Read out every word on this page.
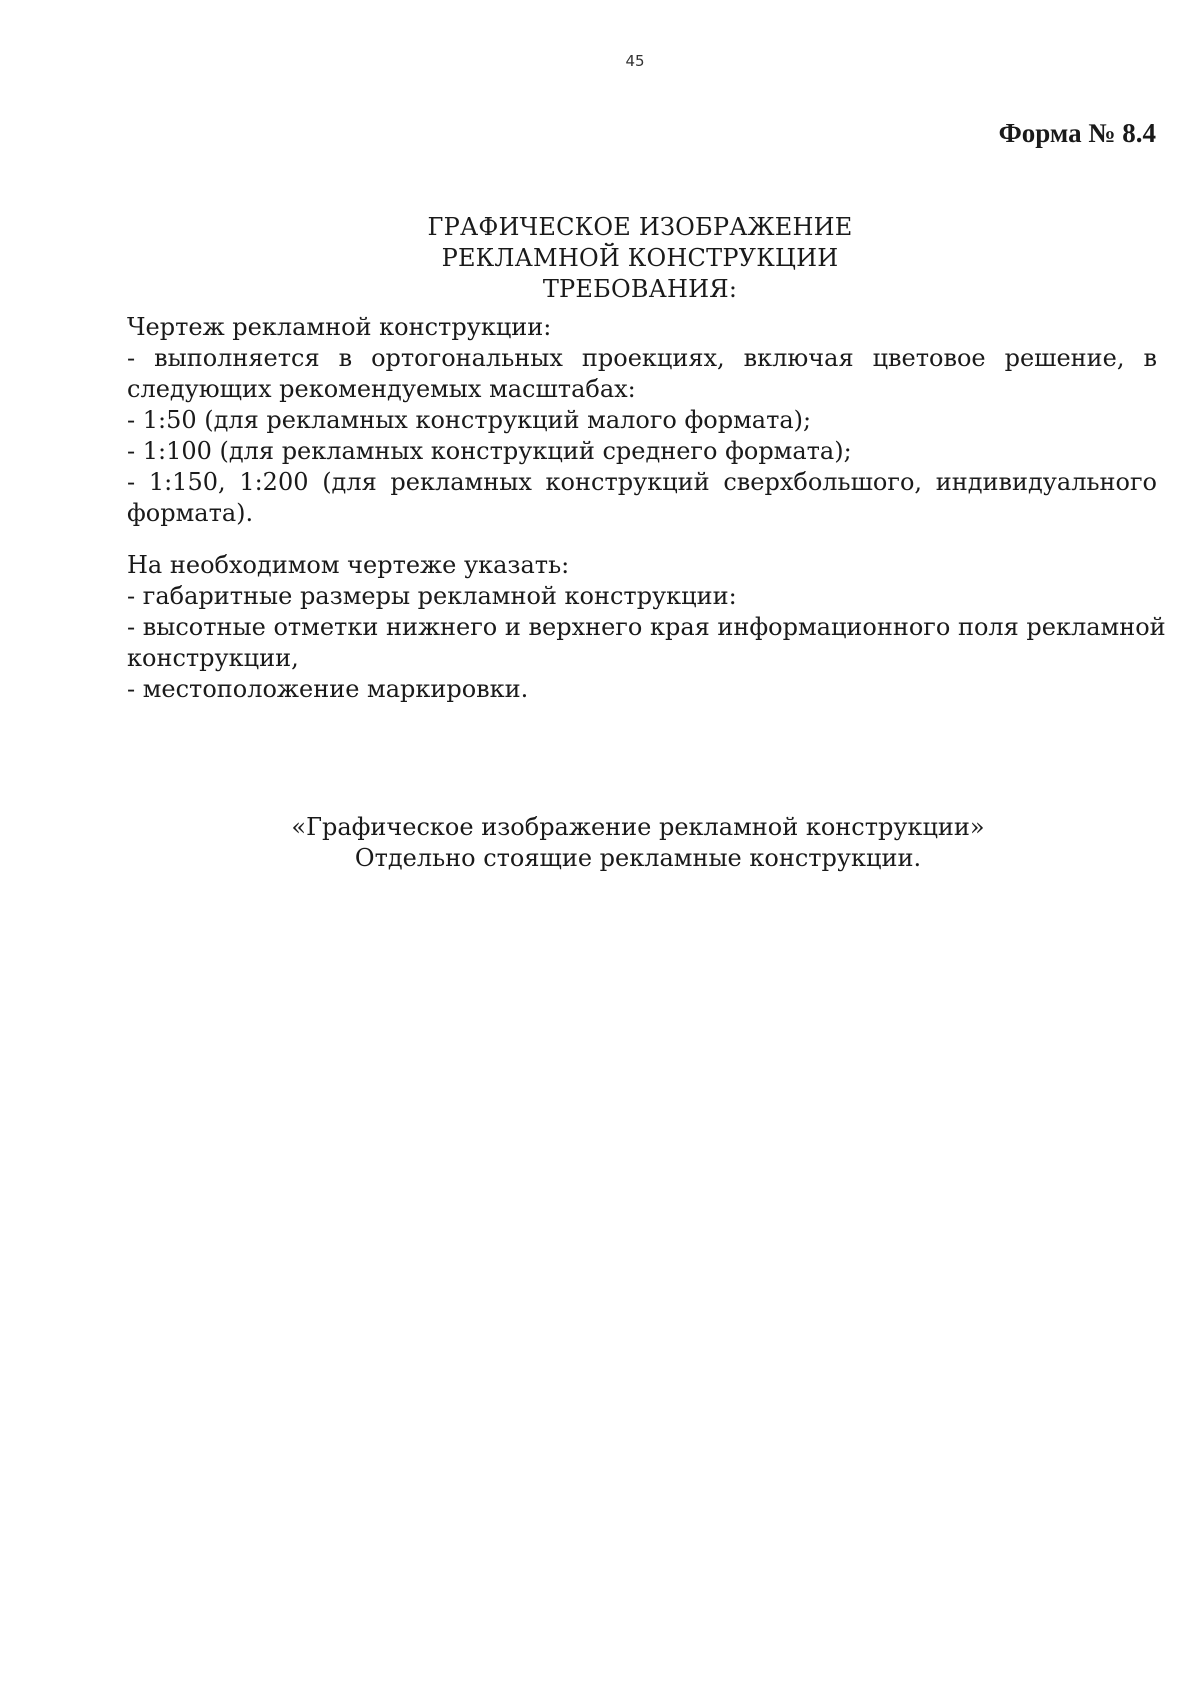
45
Форма № 8.4
ГРАФИЧЕСКОЕ ИЗОБРАЖЕНИЕ
РЕКЛАМНОЙ КОНСТРУКЦИИ
ТРЕБОВАНИЯ:
Чертеж рекламной конструкции:
- выполняется в ортогональных проекциях, включая цветовое решение, в
следующих рекомендуемых масштабах:
- 1:50 (для рекламных конструкций малого формата);
- 1:100 (для рекламных конструкций среднего формата);
- 1:150, 1:200 (для рекламных конструкций сверхбольшого, индивидуального
формата).
На необходимом чертеже указать:
- габаритные размеры рекламной конструкции:
- высотные отметки нижнего и верхнего края информационного поля рекламной
конструкции,
- местоположение маркировки.
«Графическое изображение рекламной конструкции»
Отдельно стоящие рекламные конструкции.
